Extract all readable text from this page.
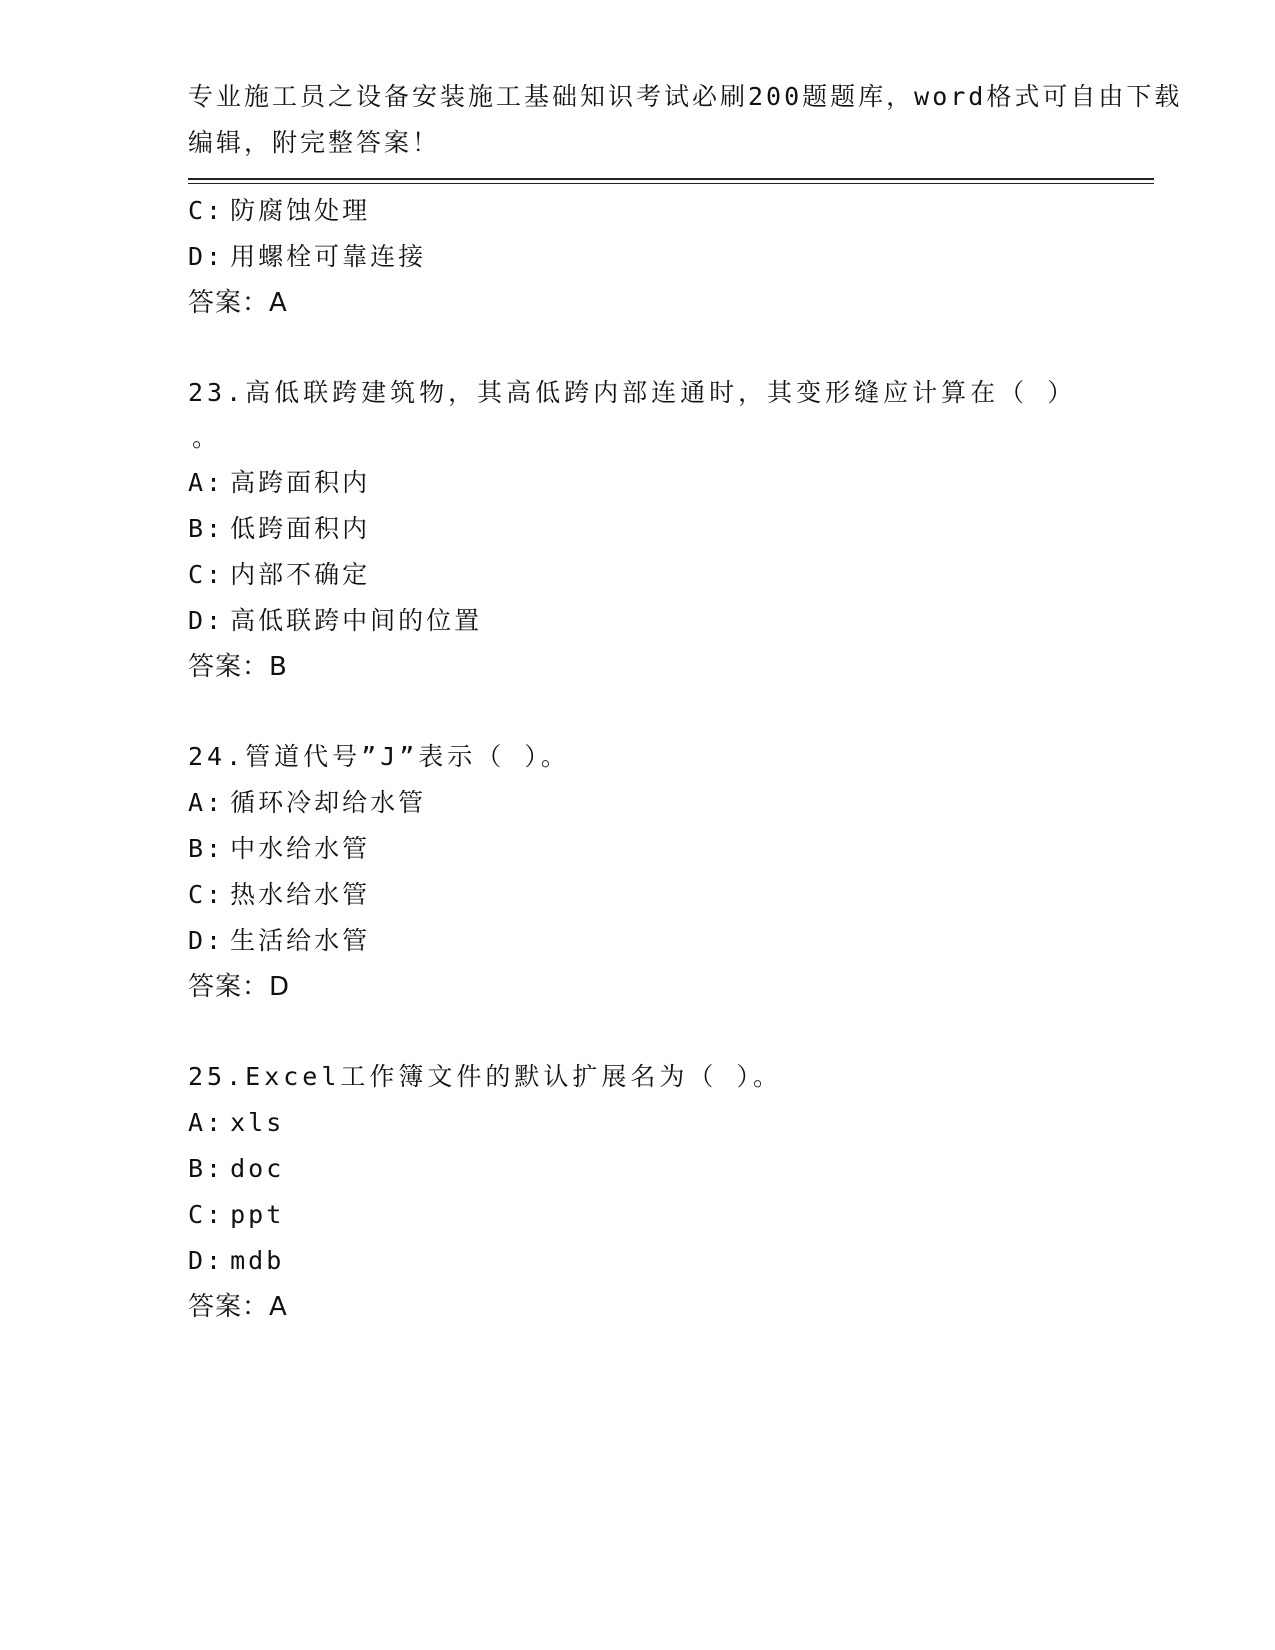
专业施工员之设备安装施工基础知识考试必刷200题题库，word格式可自由下载
编辑，附完整答案！
C: 防腐蚀处理
D: 用螺栓可靠连接
答案：A
23.高低联跨建筑物，其高低跨内部连通时，其变形缝应计算在（ ）
。
A: 高跨面积内
B: 低跨面积内
C: 内部不确定
D: 高低联跨中间的位置
答案：B
24.管道代号”J”表示（ ）。
A: 循环冷却给水管
B: 中水给水管
C: 热水给水管
D: 生活给水管
答案：D
25.Excel工作簿文件的默认扩展名为（ ）。
A: xls
B: doc
C: ppt
D: mdb
答案：A
